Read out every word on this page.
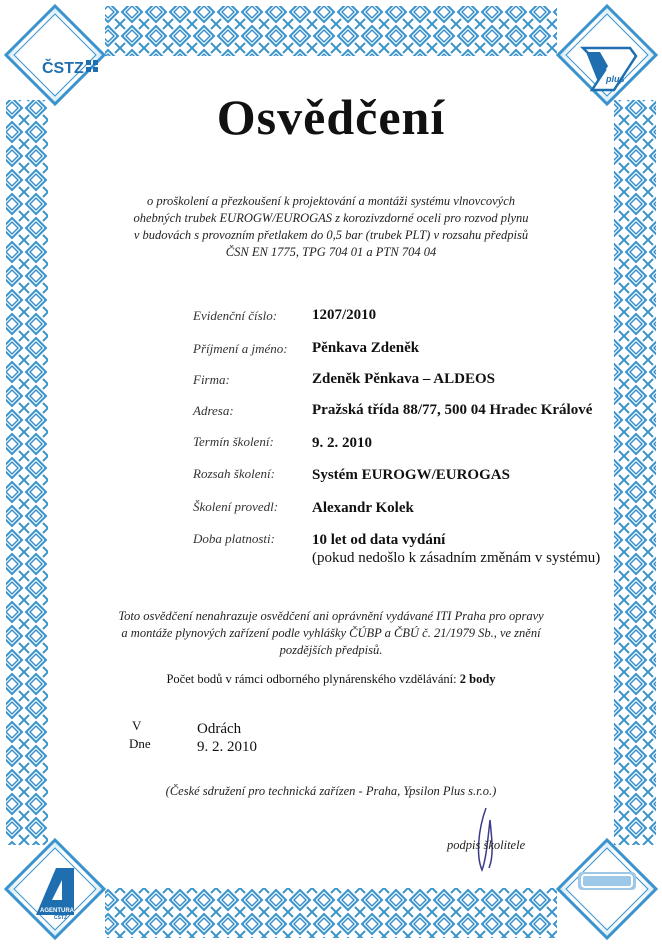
ČSTZ
plus
AGENTURA
ČSTZ
Osvědčení
o proškolení a přezkoušení k projektování a montáži systému vlnovcových
ohebných trubek EUROGW/EUROGAS z korozivzdorné oceli pro rozvod plynu
v budovách s provozním přetlakem do 0,5 bar (trubek PLT) v rozsahu předpisů
ČSN EN 1775, TPG 704 01 a PTN 704 04
Evidenční číslo: 1207/2010
Příjmení a jméno: Pěnkava Zdeněk
Firma:	Zdeněk Pěnkava – ALDEOS
Adresa:	Pražská třída 88/77, 500 04 Hradec Králové
Termín školení:	9. 2. 2010
Rozsah školení: Systém EUROGW/EUROGAS
Školení provedl: Alexandr Kolek
Doba platnosti: 10 let od data vydání
(pokud nedošlo k zásadním změnám v systému)
Toto osvědčení nenahrazuje osvědčení ani oprávnění vydávané ITI Praha pro opravy
a montáže plynových zařízení podle vyhlášky ČÚBP a ČBÚ č. 21/1979 Sb., ve znění
pozdějších předpisů.
Počet bodů v rámci odborného plynárenského vzdělávání: 2 body
V
Dne
Odrách
9. 2. 2010
(České sdružení pro technická zařízen - Praha, Ypsilon Plus s.r.o.)
podpis školitele
